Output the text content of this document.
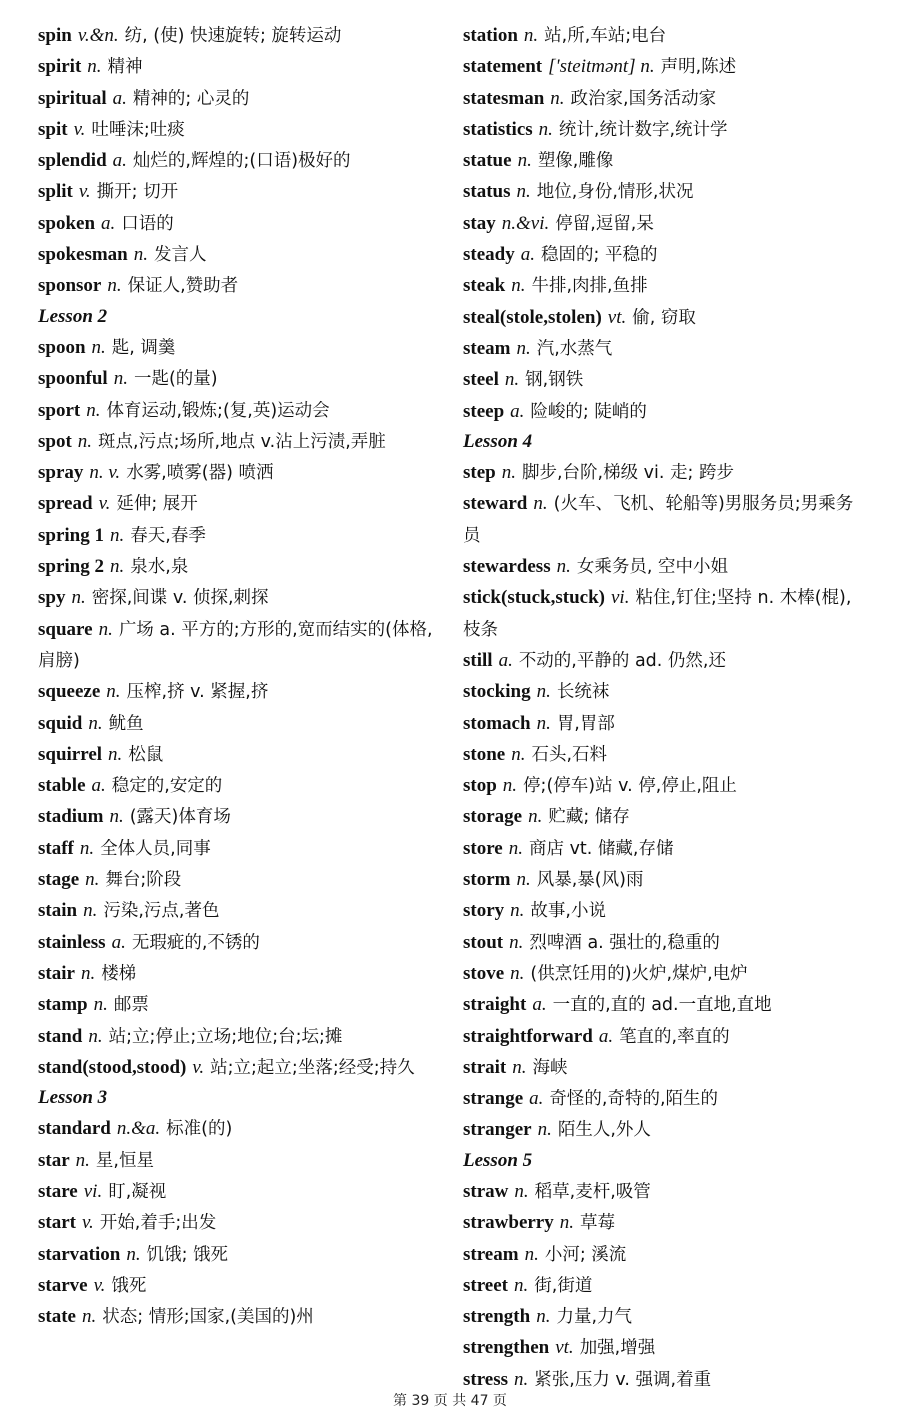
spin v.&n. 纺, (使) 快速旋转; 旋转运动
spirit n. 精神
spiritual a. 精神的; 心灵的
spit v. 吐唾沫;吐痰
splendid a. 灿烂的,辉煌的;(口语)极好的
split v. 撕开; 切开
spoken a. 口语的
spokesman n. 发言人
sponsor n. 保证人,赞助者
Lesson 2
spoon n. 匙, 调羹
spoonful n. 一匙(的量)
sport n. 体育运动,锻炼;(复,英)运动会
spot n. 斑点,污点;场所,地点 v.沾上污渍,弄脏
spray n. v. 水雾,喷雾(器) 喷洒
spread v. 延伸; 展开
spring 1 n. 春天,春季
spring 2 n. 泉水,泉
spy n. 密探,间谍 v. 侦探,刺探
square n. 广场 a. 平方的;方形的,宽而结实的(体格,肩膀)
squeeze n. 压榨,挤 v. 紧握,挤
squid n. 鱿鱼
squirrel n. 松鼠
stable a. 稳定的,安定的
stadium n. (露天)体育场
staff n. 全体人员,同事
stage n. 舞台;阶段
stain n. 污染,污点,著色
stainless a. 无瑕疵的,不锈的
stair n. 楼梯
stamp n. 邮票
stand n. 站;立;停止;立场;地位;台;坛;摊
stand(stood,stood) v. 站;立;起立;坐落;经受;持久
Lesson 3
standard n.&a. 标准(的)
star n. 星,恒星
stare vi. 盯,凝视
start v. 开始,着手;出发
starvation n. 饥饿; 饿死
starve v. 饿死
state n. 状态; 情形;国家,(美国的)州
station n. 站,所,车站;电台
statement ['steitmənt] n. 声明,陈述
statesman n. 政治家,国务活动家
statistics n. 统计,统计数字,统计学
statue n. 塑像,雕像
status n. 地位,身份,情形,状况
stay n.&vi. 停留,逗留,呆
steady a. 稳固的; 平稳的
steak n. 牛排,肉排,鱼排
steal(stole,stolen) vt. 偷, 窃取
steam n. 汽,水蒸气
steel n. 钢,钢铁
steep a. 险峻的; 陡峭的
Lesson 4
step n. 脚步,台阶,梯级 vi. 走; 跨步
steward n. (火车、飞机、轮船等)男服务员;男乘务员
stewardess n. 女乘务员, 空中小姐
stick(stuck,stuck) vi. 粘住,钉住;坚持 n. 木棒(棍),枝条
still a. 不动的,平静的 ad. 仍然,还
stocking n. 长统袜
stomach n. 胃,胃部
stone n. 石头,石料
stop n. 停;(停车)站 v. 停,停止,阻止
storage n. 贮藏; 储存
store n. 商店 vt. 储藏,存储
storm n. 风暴,暴(风)雨
story n. 故事,小说
stout n. 烈啤酒 a. 强壮的,稳重的
stove n. (供烹饪用的)火炉,煤炉,电炉
straight a. 一直的,直的 ad.一直地,直地
straightforward a. 笔直的,率直的
strait n. 海峡
strange a. 奇怪的,奇特的,陌生的
stranger n. 陌生人,外人
Lesson 5
straw n. 稻草,麦杆,吸管
strawberry n. 草莓
stream n. 小河; 溪流
street n. 街,街道
strength n. 力量,力气
strengthen vt. 加强,增强
stress n. 紧张,压力 v. 强调,着重
第 39 页 共 47 页
